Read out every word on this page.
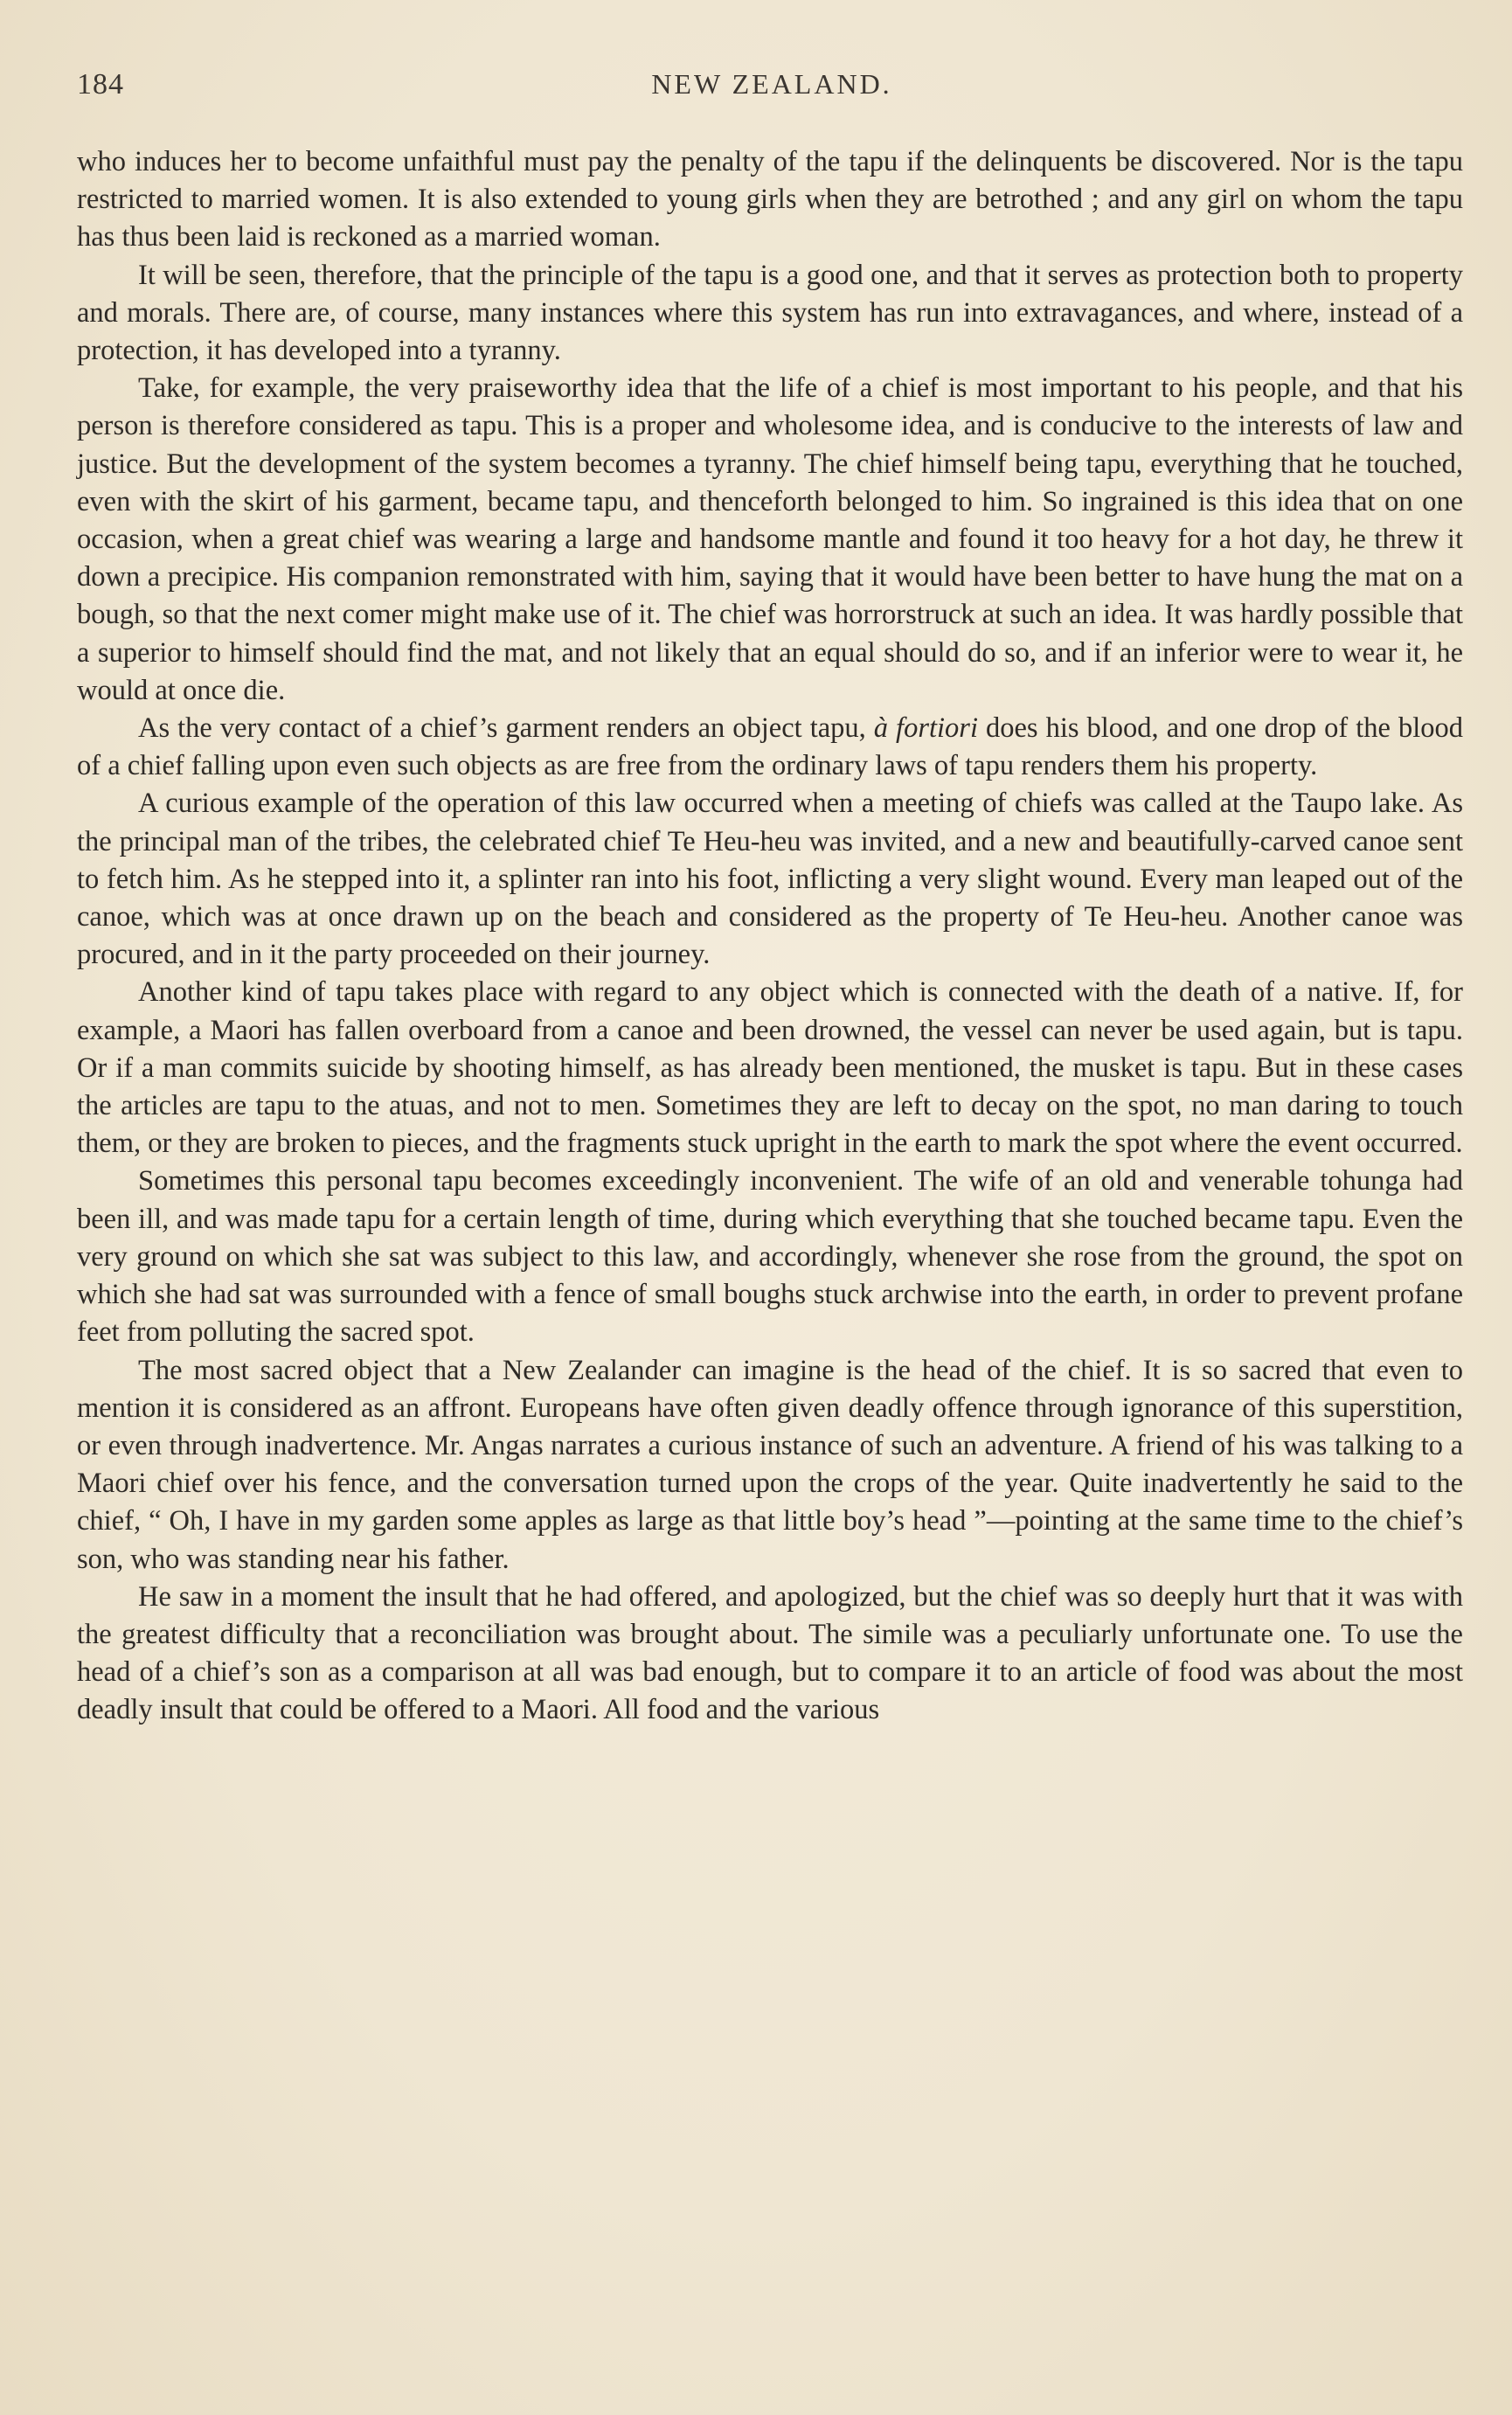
184	NEW ZEALAND.

who induces her to become unfaithful must pay the penalty of the tapu if the delinquents be discovered. Nor is the tapu restricted to married women. It is also extended to young girls when they are betrothed ; and any girl on whom the tapu has thus been laid is reckoned as a married woman.

It will be seen, therefore, that the principle of the tapu is a good one, and that it serves as protection both to property and morals. There are, of course, many instances where this system has run into extravagances, and where, instead of a protection, it has developed into a tyranny.

Take, for example, the very praiseworthy idea that the life of a chief is most important to his people, and that his person is therefore considered as tapu. This is a proper and wholesome idea, and is conducive to the interests of law and justice. But the development of the system becomes a tyranny. The chief himself being tapu, everything that he touched, even with the skirt of his garment, became tapu, and thenceforth belonged to him. So ingrained is this idea that on one occasion, when a great chief was wearing a large and handsome mantle and found it too heavy for a hot day, he threw it down a precipice. His companion remonstrated with him, saying that it would have been better to have hung the mat on a bough, so that the next comer might make use of it. The chief was horrorstruck at such an idea. It was hardly possible that a superior to himself should find the mat, and not likely that an equal should do so, and if an inferior were to wear it, he would at once die.

As the very contact of a chief’s garment renders an object tapu, à fortiori does his blood, and one drop of the blood of a chief falling upon even such objects as are free from the ordinary laws of tapu renders them his property.

A curious example of the operation of this law occurred when a meeting of chiefs was called at the Taupo lake. As the principal man of the tribes, the celebrated chief Te Heu-heu was invited, and a new and beautifully-carved canoe sent to fetch him. As he stepped into it, a splinter ran into his foot, inflicting a very slight wound. Every man leaped out of the canoe, which was at once drawn up on the beach and considered as the property of Te Heu-heu. Another canoe was procured, and in it the party proceeded on their journey.

Another kind of tapu takes place with regard to any object which is connected with the death of a native. If, for example, a Maori has fallen overboard from a canoe and been drowned, the vessel can never be used again, but is tapu. Or if a man commits suicide by shooting himself, as has already been mentioned, the musket is tapu. But in these cases the articles are tapu to the atuas, and not to men. Sometimes they are left to decay on the spot, no man daring to touch them, or they are broken to pieces, and the fragments stuck upright in the earth to mark the spot where the event occurred.

Sometimes this personal tapu becomes exceedingly inconvenient. The wife of an old and venerable tohunga had been ill, and was made tapu for a certain length of time, during which everything that she touched became tapu. Even the very ground on which she sat was subject to this law, and accordingly, whenever she rose from the ground, the spot on which she had sat was surrounded with a fence of small boughs stuck archwise into the earth, in order to prevent profane feet from polluting the sacred spot.

The most sacred object that a New Zealander can imagine is the head of the chief. It is so sacred that even to mention it is considered as an affront. Europeans have often given deadly offence through ignorance of this superstition, or even through inadvertence. Mr. Angas narrates a curious instance of such an adventure. A friend of his was talking to a Maori chief over his fence, and the conversation turned upon the crops of the year. Quite inadvertently he said to the chief, “ Oh, I have in my garden some apples as large as that little boy’s head ”—pointing at the same time to the chief’s son, who was standing near his father.

He saw in a moment the insult that he had offered, and apologized, but the chief was so deeply hurt that it was with the greatest difficulty that a reconciliation was brought about. The simile was a peculiarly unfortunate one. To use the head of a chief’s son as a comparison at all was bad enough, but to compare it to an article of food was about the most deadly insult that could be offered to a Maori. All food and the various
